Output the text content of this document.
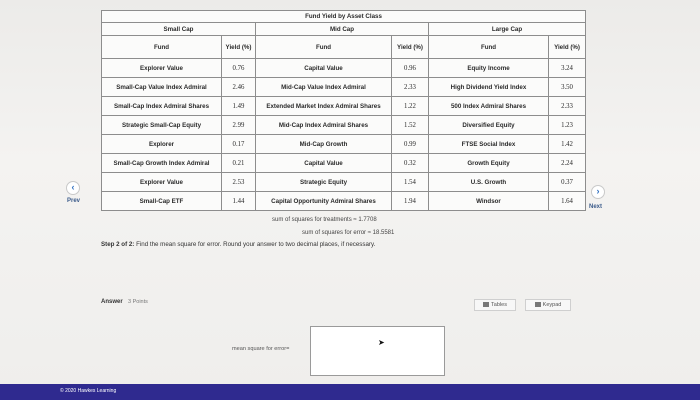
Fund Yield by Asset Class					
Small Cap		Mid Cap		Large Cap	
Fund	Yield (%)	Fund	Yield (%)	Fund	Yield (%)
Explorer Value	0.76	Capital Value	0.96	Equity Income	3.24
Small-Cap Value Index Admiral	2.46	Mid-Cap Value Index Admiral	2.33	High Dividend Yield Index	3.50
Small-Cap Index Admiral Shares	1.49	Extended Market Index Admiral Shares	1.22	500 Index Admiral Shares	2.33
Strategic Small-Cap Equity	2.99	Mid-Cap Index Admiral Shares	1.52	Diversified Equity	1.23
Explorer	0.17	Mid-Cap Growth	0.99	FTSE Social Index	1.42
Small-Cap Growth Index Admiral	0.21	Capital Value	0.32	Growth Equity	2.24
Explorer Value	2.53	Strategic Equity	1.54	U.S. Growth	0.37
Small-Cap ETF	1.44	Capital Opportunity Admiral Shares	1.94	Windsor	1.64
‹
Prev
›
Next
sum of squares for treatments ≈ 1.7708
sum of squares for error ≈ 18.5581
Step 2 of 2: Find the mean square for error. Round your answer to two decimal places, if necessary.
Answer 3 Points	Tables	Keypad
mean square for error=
➤
© 2020 Hawkes Learning
